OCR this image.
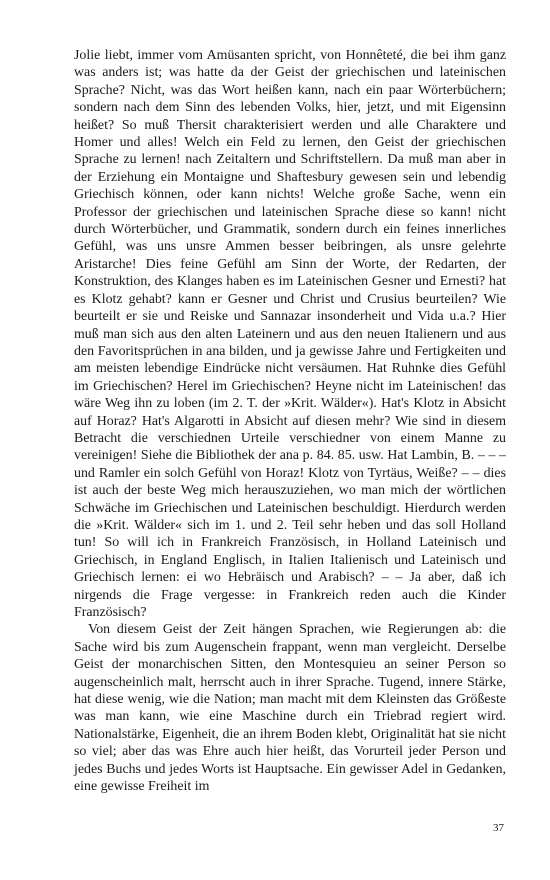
Jolie liebt, immer vom Amüsanten spricht, von Honnêteté, die bei ihm ganz was anders ist; was hatte da der Geist der griechischen und lateinischen Sprache? Nicht, was das Wort heißen kann, nach ein paar Wörterbüchern; sondern nach dem Sinn des lebenden Volks, hier, jetzt, und mit Eigensinn heißet? So muß Thersit charakterisiert werden und alle Charaktere und Homer und alles! Welch ein Feld zu lernen, den Geist der griechischen Sprache zu lernen! nach Zeitaltern und Schriftstellern. Da muß man aber in der Erziehung ein Montaigne und Shaftesbury gewesen sein und lebendig Griechisch können, oder kann nichts! Welche große Sache, wenn ein Professor der griechischen und lateinischen Sprache diese so kann! nicht durch Wörterbücher, und Grammatik, sondern durch ein feines innerliches Gefühl, was uns unsre Ammen besser beibringen, als unsre gelehrte Aristarche! Dies feine Gefühl am Sinn der Worte, der Redarten, der Konstruktion, des Klanges haben es im Lateinischen Gesner und Ernesti? hat es Klotz gehabt? kann er Gesner und Christ und Crusius beurteilen? Wie beurteilt er sie und Reiske und Sannazar insonderheit und Vida u.a.? Hier muß man sich aus den alten Lateinern und aus den neuen Italienern und aus den Favoritsprüchen in ana bilden, und ja gewisse Jahre und Fertigkeiten und am meisten lebendige Eindrücke nicht versäumen. Hat Ruhnke dies Gefühl im Griechischen? Herel im Griechischen? Heyne nicht im Lateinischen! das wäre Weg ihn zu loben (im 2. T. der »Krit. Wälder«). Hat's Klotz in Absicht auf Horaz? Hat's Algarotti in Absicht auf diesen mehr? Wie sind in diesem Betracht die verschiednen Urteile verschiedner von einem Manne zu vereinigen! Siehe die Bibliothek der ana p. 84. 85. usw. Hat Lambin, B. – – – und Ramler ein solch Gefühl von Horaz! Klotz von Tyrtäus, Weiße? – – dies ist auch der beste Weg mich herauszuziehen, wo man mich der wörtlichen Schwäche im Griechischen und Lateinischen beschuldigt. Hierdurch werden die »Krit. Wälder« sich im 1. und 2. Teil sehr heben und das soll Holland tun! So will ich in Frankreich Französisch, in Holland Lateinisch und Griechisch, in England Englisch, in Italien Italienisch und Lateinisch und Griechisch lernen: ei wo Hebräisch und Arabisch? – – Ja aber, daß ich nirgends die Frage vergesse: in Frankreich reden auch die Kinder Französisch?

Von diesem Geist der Zeit hängen Sprachen, wie Regierungen ab: die Sache wird bis zum Augenschein frappant, wenn man vergleicht. Derselbe Geist der monarchischen Sitten, den Montesquieu an seiner Person so augenscheinlich malt, herrscht auch in ihrer Sprache. Tugend, innere Stärke, hat diese wenig, wie die Nation; man macht mit dem Kleinsten das Größeste was man kann, wie eine Maschine durch ein Triebrad regiert wird. Nationalstärke, Eigenheit, die an ihrem Boden klebt, Originalität hat sie nicht so viel; aber das was Ehre auch hier heißt, das Vorurteil jeder Person und jedes Buchs und jedes Worts ist Hauptsache. Ein gewisser Adel in Gedanken, eine gewisse Freiheit im

37
